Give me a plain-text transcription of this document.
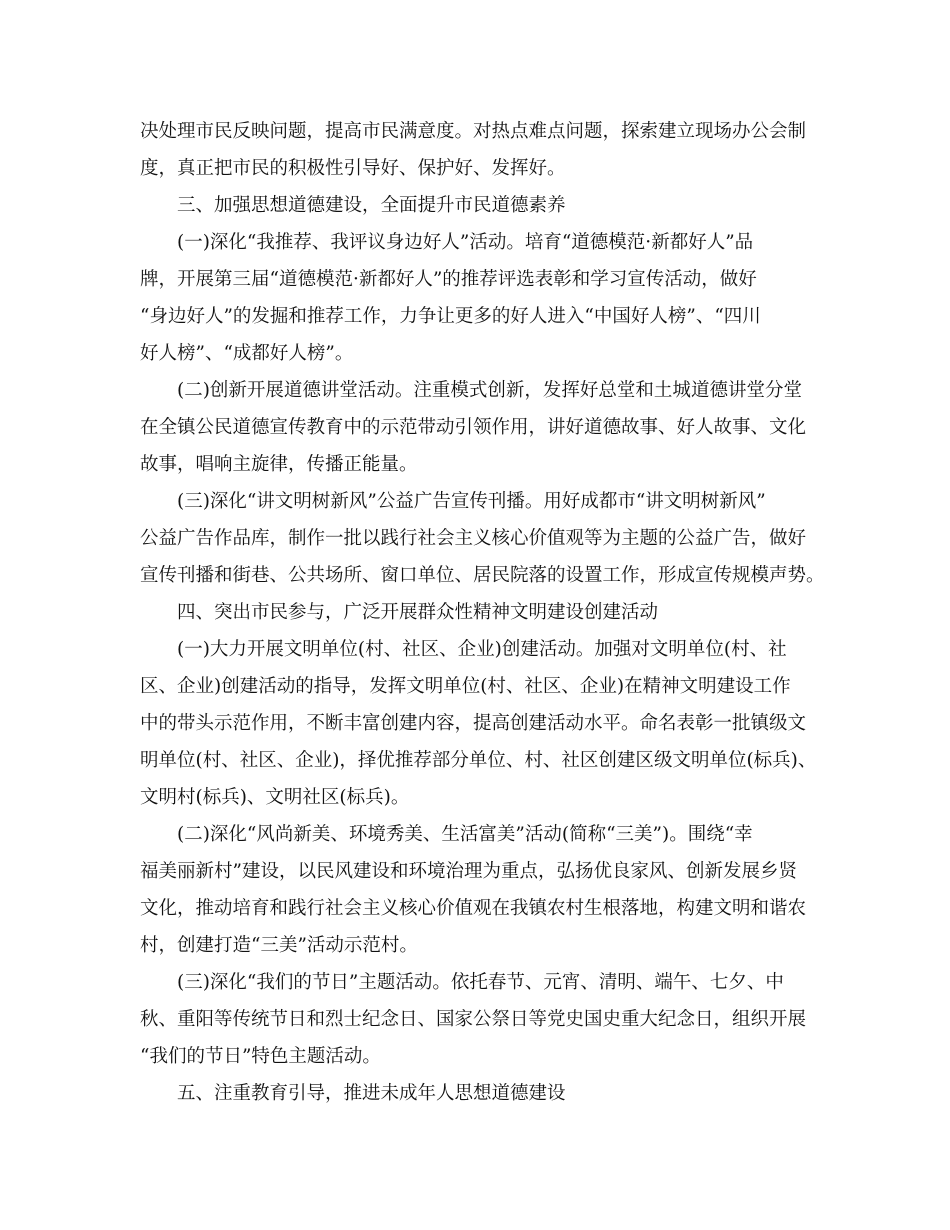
决处理市民反映问题，提高市民满意度。对热点难点问题，探索建立现场办公会制
度，真正把市民的积极性引导好、保护好、发挥好。
三、加强思想道德建设，全面提升市民道德素养
(一)深化“我推荐、我评议身边好人”活动。培育“道德模范·新都好人”品
牌，开展第三届“道德模范·新都好人”的推荐评选表彰和学习宣传活动，做好
“身边好人”的发掘和推荐工作，力争让更多的好人进入“中国好人榜”、“四川
好人榜”、“成都好人榜”。
(二)创新开展道德讲堂活动。注重模式创新，发挥好总堂和土城道德讲堂分堂
在全镇公民道德宣传教育中的示范带动引领作用，讲好道德故事、好人故事、文化
故事，唱响主旋律，传播正能量。
(三)深化“讲文明树新风”公益广告宣传刊播。用好成都市“讲文明树新风”
公益广告作品库，制作一批以践行社会主义核心价值观等为主题的公益广告，做好
宣传刊播和街巷、公共场所、窗口单位、居民院落的设置工作，形成宣传规模声势。
四、突出市民参与，广泛开展群众性精神文明建设创建活动
(一)大力开展文明单位(村、社区、企业)创建活动。加强对文明单位(村、社
区、企业)创建活动的指导，发挥文明单位(村、社区、企业)在精神文明建设工作
中的带头示范作用，不断丰富创建内容，提高创建活动水平。命名表彰一批镇级文
明单位(村、社区、企业)，择优推荐部分单位、村、社区创建区级文明单位(标兵)、
文明村(标兵)、文明社区(标兵)。
(二)深化“风尚新美、环境秀美、生活富美”活动(简称“三美”)。围绕“幸
福美丽新村”建设，以民风建设和环境治理为重点，弘扬优良家风、创新发展乡贤
文化，推动培育和践行社会主义核心价值观在我镇农村生根落地，构建文明和谐农
村，创建打造“三美”活动示范村。
(三)深化“我们的节日”主题活动。依托春节、元宵、清明、端午、七夕、中
秋、重阳等传统节日和烈士纪念日、国家公祭日等党史国史重大纪念日，组织开展
“我们的节日”特色主题活动。
五、注重教育引导，推进未成年人思想道德建设
